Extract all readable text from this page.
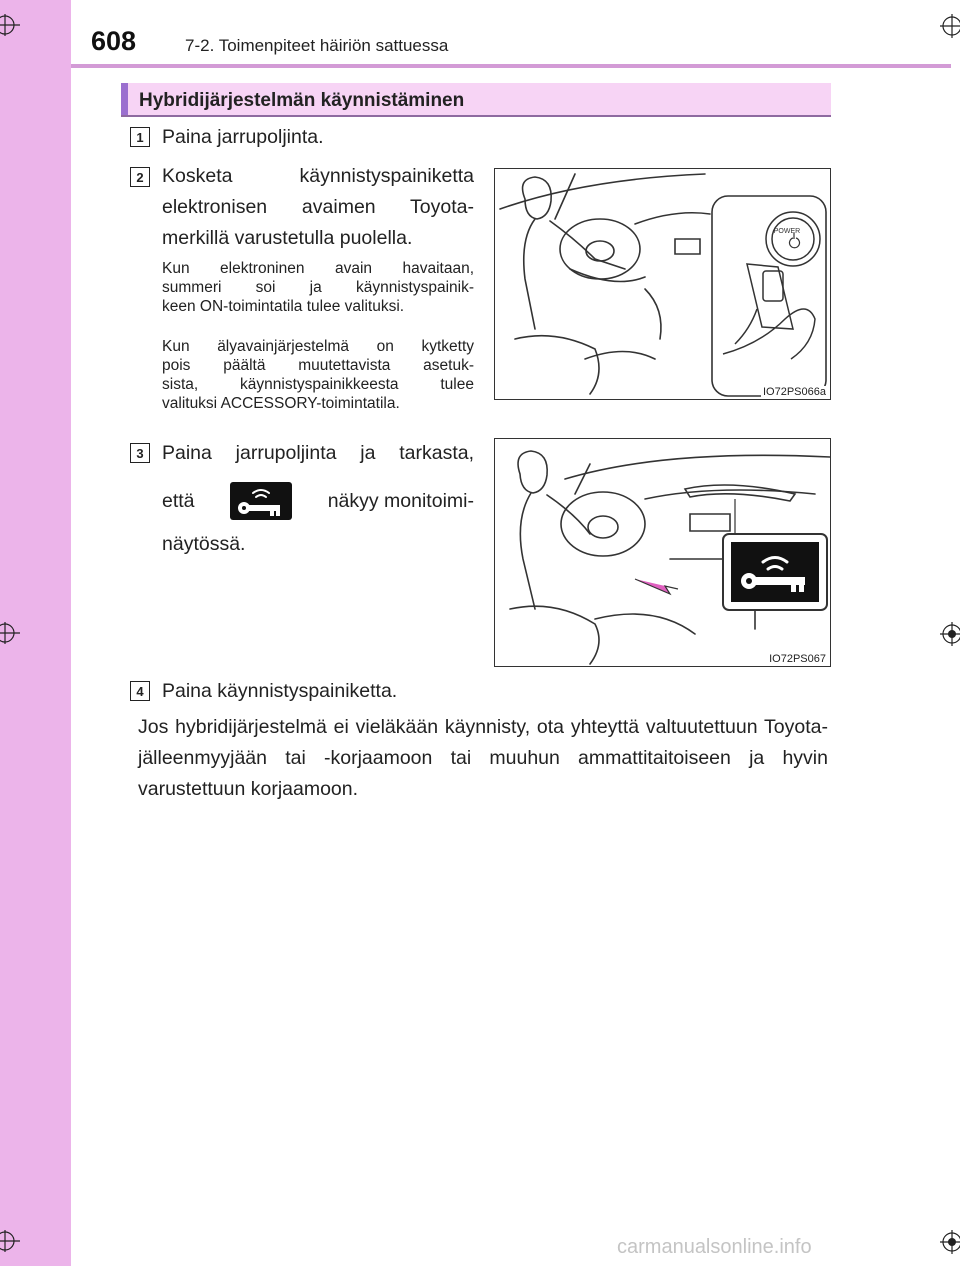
608	7-2. Toimenpiteet häiriön sattuessa
Hybridijärjestelmän käynnistäminen
1 Paina jarrupoljinta.
2 Kosketa käynnistyspainiketta
elektronisen avaimen Toyota-
merkillä varustetulla puolella.
Kun elektroninen avain havaitaan,
summeri soi ja käynnistyspainik-
keen ON-toimintatila tulee valituksi.
Kun älyavainjärjestelmä on kytketty
pois päältä muutettavista asetuk-
sista, käynnistyspainikkeesta tulee
valituksi ACCESSORY-toimintatila.
POWER
IO72PS066a
3 Paina jarrupoljinta ja tarkasta,
että	näkyy monitoimi-
näytössä.
IO72PS067
4 Paina käynnistyspainiketta.
Jos hybridijärjestelmä ei vieläkään käynnisty, ota yhteyttä valtuutettuun Toyota-jälleenmyyjään tai -korjaamoon tai muuhun ammattitaitoiseen ja hyvin varustettuun korjaamoon.
carmanualsonline.info
